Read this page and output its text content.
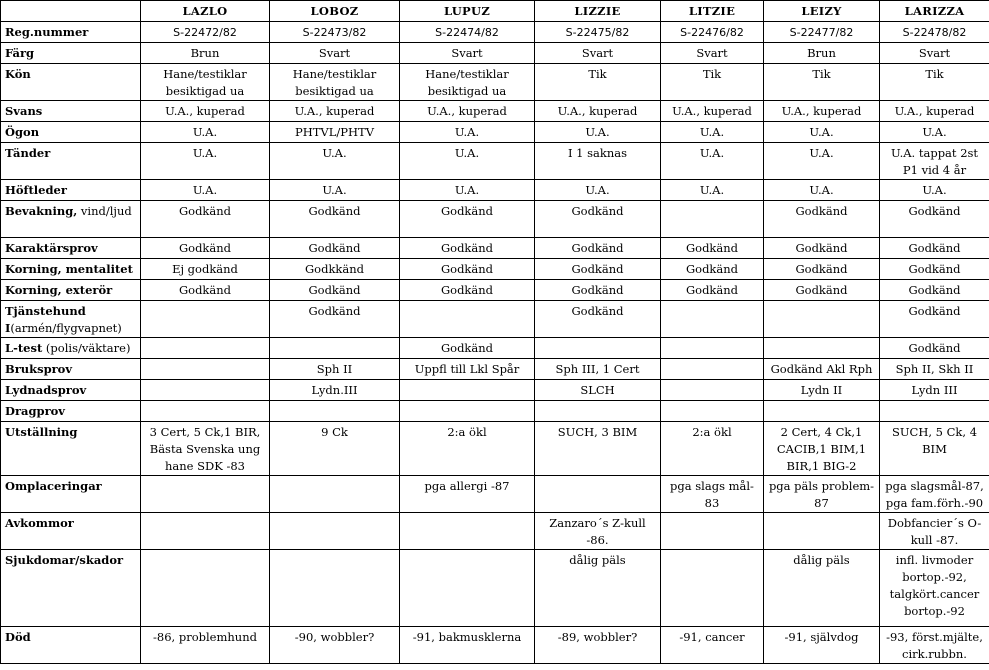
	LAZLO	LOBOZ	LUPUZ	LIZZIE	LITZIE	LEIZY	LARIZZA
Reg.nummer	S-22472/82	S-22473/82	S-22474/82	S-22475/82	S-22476/82	S-22477/82	S-22478/82
Färg	Brun	Svart	Svart	Svart	Svart	Brun	Svart
Kön	Hane/testiklar besiktigad ua	Hane/testiklar besiktigad ua	Hane/testiklar besiktigad ua	Tik	Tik	Tik	Tik
Svans	U.A., kuperad	U.A., kuperad	U.A., kuperad	U.A., kuperad	U.A., kuperad	U.A., kuperad	U.A., kuperad
Ögon	U.A.	PHTVL/PHTV	U.A.	U.A.	U.A.	U.A.	U.A.
Tänder	U.A.	U.A.	U.A.	I 1 saknas	U.A.	U.A.	U.A. tappat 2st P1 vid 4 år
Höftleder	U.A.	U.A.	U.A.	U.A.	U.A.	U.A.	U.A.
Bevakning, vind/ljud	Godkänd	Godkänd	Godkänd	Godkänd		Godkänd	Godkänd
Karaktärsprov	Godkänd	Godkänd	Godkänd	Godkänd	Godkänd	Godkänd	Godkänd
Korning, mentalitet	Ej godkänd	Godkkänd	Godkänd	Godkänd	Godkänd	Godkänd	Godkänd
Korning, exterör	Godkänd	Godkänd	Godkänd	Godkänd	Godkänd	Godkänd	Godkänd
Tjänstehund I(armén/flygvapnet)		Godkänd		Godkänd			Godkänd
L-test (polis/väktare)			Godkänd				Godkänd
Bruksprov		Sph II	Uppfl till Lkl Spår	Sph III, 1 Cert		Godkänd Akl Rph	Sph II, Skh II
Lydnadsprov		Lydn.III		SLCH		Lydn II	Lydn III
Dragprov							
Utställning	3 Cert, 5 Ck,1 BIR, Bästa Svenska ung hane SDK -83	9 Ck	2:a ökl	SUCH, 3 BIM	2:a ökl	2 Cert, 4 Ck,1 CACIB,1 BIM,1 BIR,1 BIG-2	SUCH, 5 Ck, 4 BIM
Omplaceringar			pga allergi -87		pga slags mål-83	pga päls problem-87	pga slagsmål-87, pga fam.förh.-90
Avkommor				Zanzaro´s Z-kull -86.			Dobfancier´s O-kull -87.
Sjukdomar/skador				dålig päls		dålig päls	infl. livmoder bortop.-92, talgkört.cancer bortop.-92
Död	-86, problemhund	-90, wobbler?	-91, bakmusklerna	-89, wobbler?	-91, cancer	-91, självdog	-93, först.mjälte, cirk.rubbn.
